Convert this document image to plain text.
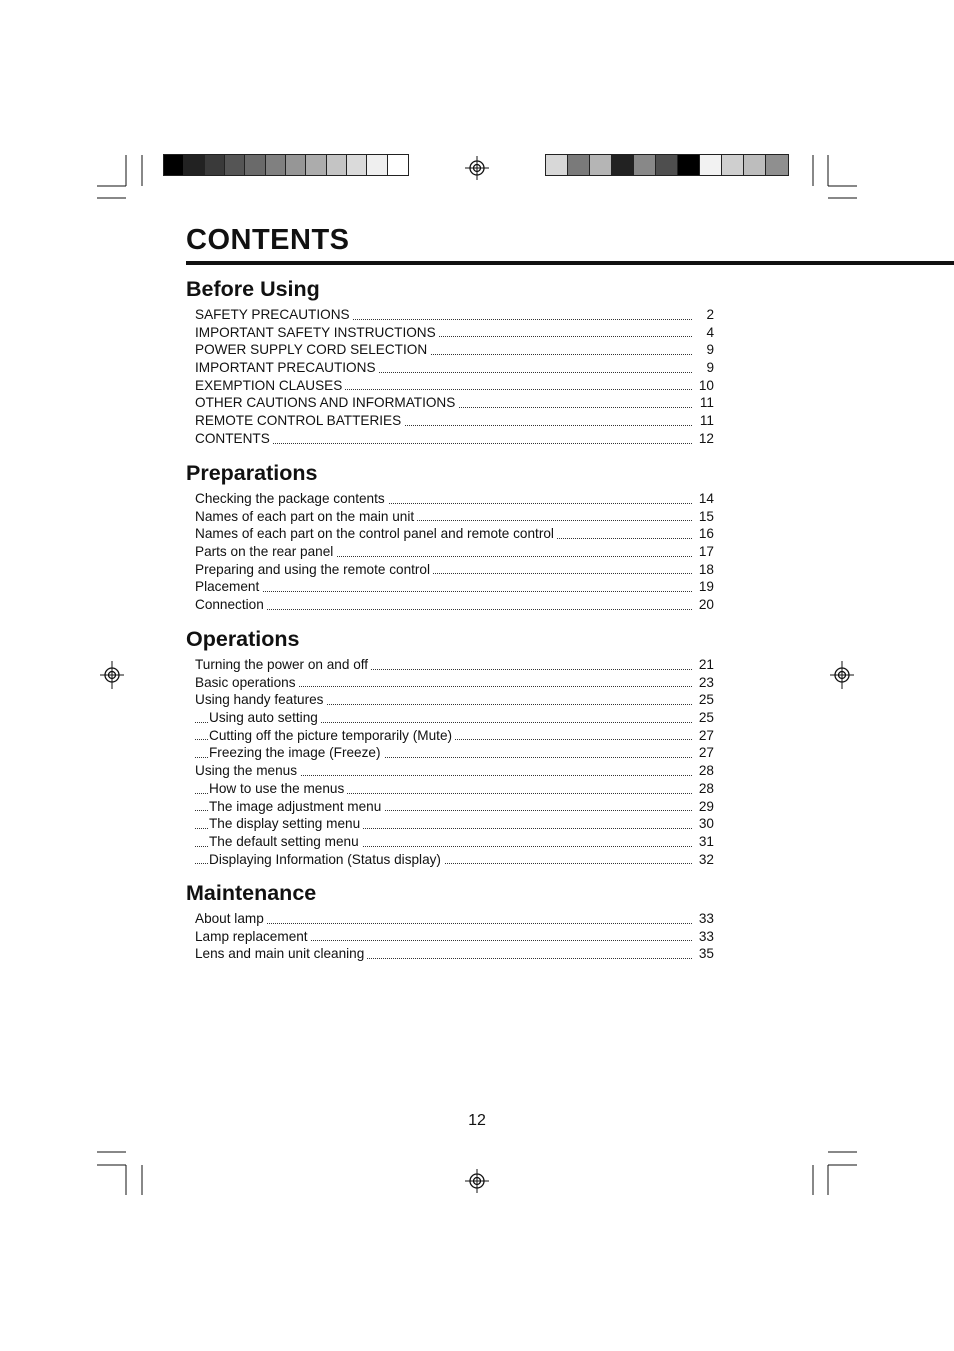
CONTENTS
Before Using
SAFETY PRECAUTIONS	2
IMPORTANT SAFETY INSTRUCTIONS	4
POWER SUPPLY CORD SELECTION	9
IMPORTANT PRECAUTIONS	9
EXEMPTION CLAUSES	10
OTHER CAUTIONS AND INFORMATIONS	11
REMOTE CONTROL BATTERIES	11
CONTENTS	12
Preparations
Checking the package contents	14
Names of each part on the main unit	15
Names of each part on the control panel and remote control	16
Parts on the rear panel	17
Preparing and using the remote control	18
Placement	19
Connection	20
Operations
Turning the power on and off	21
Basic operations	23
Using handy features	25
Using auto setting	25
Cutting off the picture temporarily (Mute)	27
Freezing the image (Freeze)	27
Using the menus	28
How to use the menus	28
The image adjustment menu	29
The display setting menu	30
The default setting menu	31
Displaying Information (Status display)	32
Maintenance
About lamp	33
Lamp replacement	33
Lens and main unit cleaning	35
12
